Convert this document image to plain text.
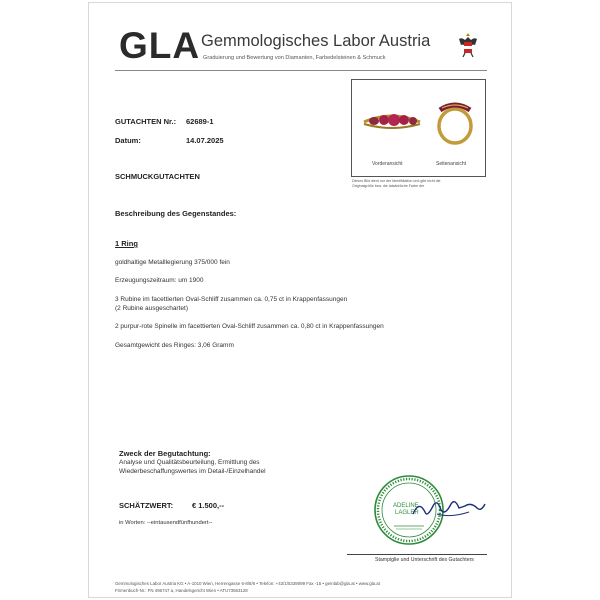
GLA Gemmologisches Labor Austria
Graduierung und Bewertung von Diamanten, Farbedelsteinen & Schmuck
GUTACHTEN Nr.: 62689-1
Datum:	14.07.2025
SCHMUCKGUTACHTEN
Vorderansicht	Seitenansicht
Dieses Bild dient nur der Identifikation und gibt nicht die
Originalgröße bzw. die tatsächliche Farbe der
Beschreibung des Gegenstandes:
1 Ring
goldhaltige Metalllegierung 375/000 fein
Erzeugungszeitraum: um 1900
3 Rubine im facettierten Oval-Schliff zusammen ca. 0,75 ct in Krappenfassungen
(2 Rubine ausgeschartet)
2 purpur-rote Spinelle im facettierten Oval-Schliff zusammen ca. 0,80 ct in Krappenfassungen
Gesamtgewicht des Ringes: 3,06 Gramm
Zweck der Begutachtung:
Analyse und Qualitätsbeurteilung, Ermittlung des
Wiederbeschaffungswertes im Detail-/Einzelhandel
SCHÄTZWERT:	€ 1.500,--
in Worten: --eintausendfünfhundert--
ADELINE
LAGLER
Stampiglie und Unterschrift des Gutachters
Gemmologisches Labor Austria KG • A-1010 Wien, Herrengasse 6-8/8/6 • Telefon: +43/1/5339099 Fax -15 • gemlab@gla.at • www.gla.at
Firmenbuch-Nr.: FN 496747 a, Handelsgericht Wien • ATU73563128
